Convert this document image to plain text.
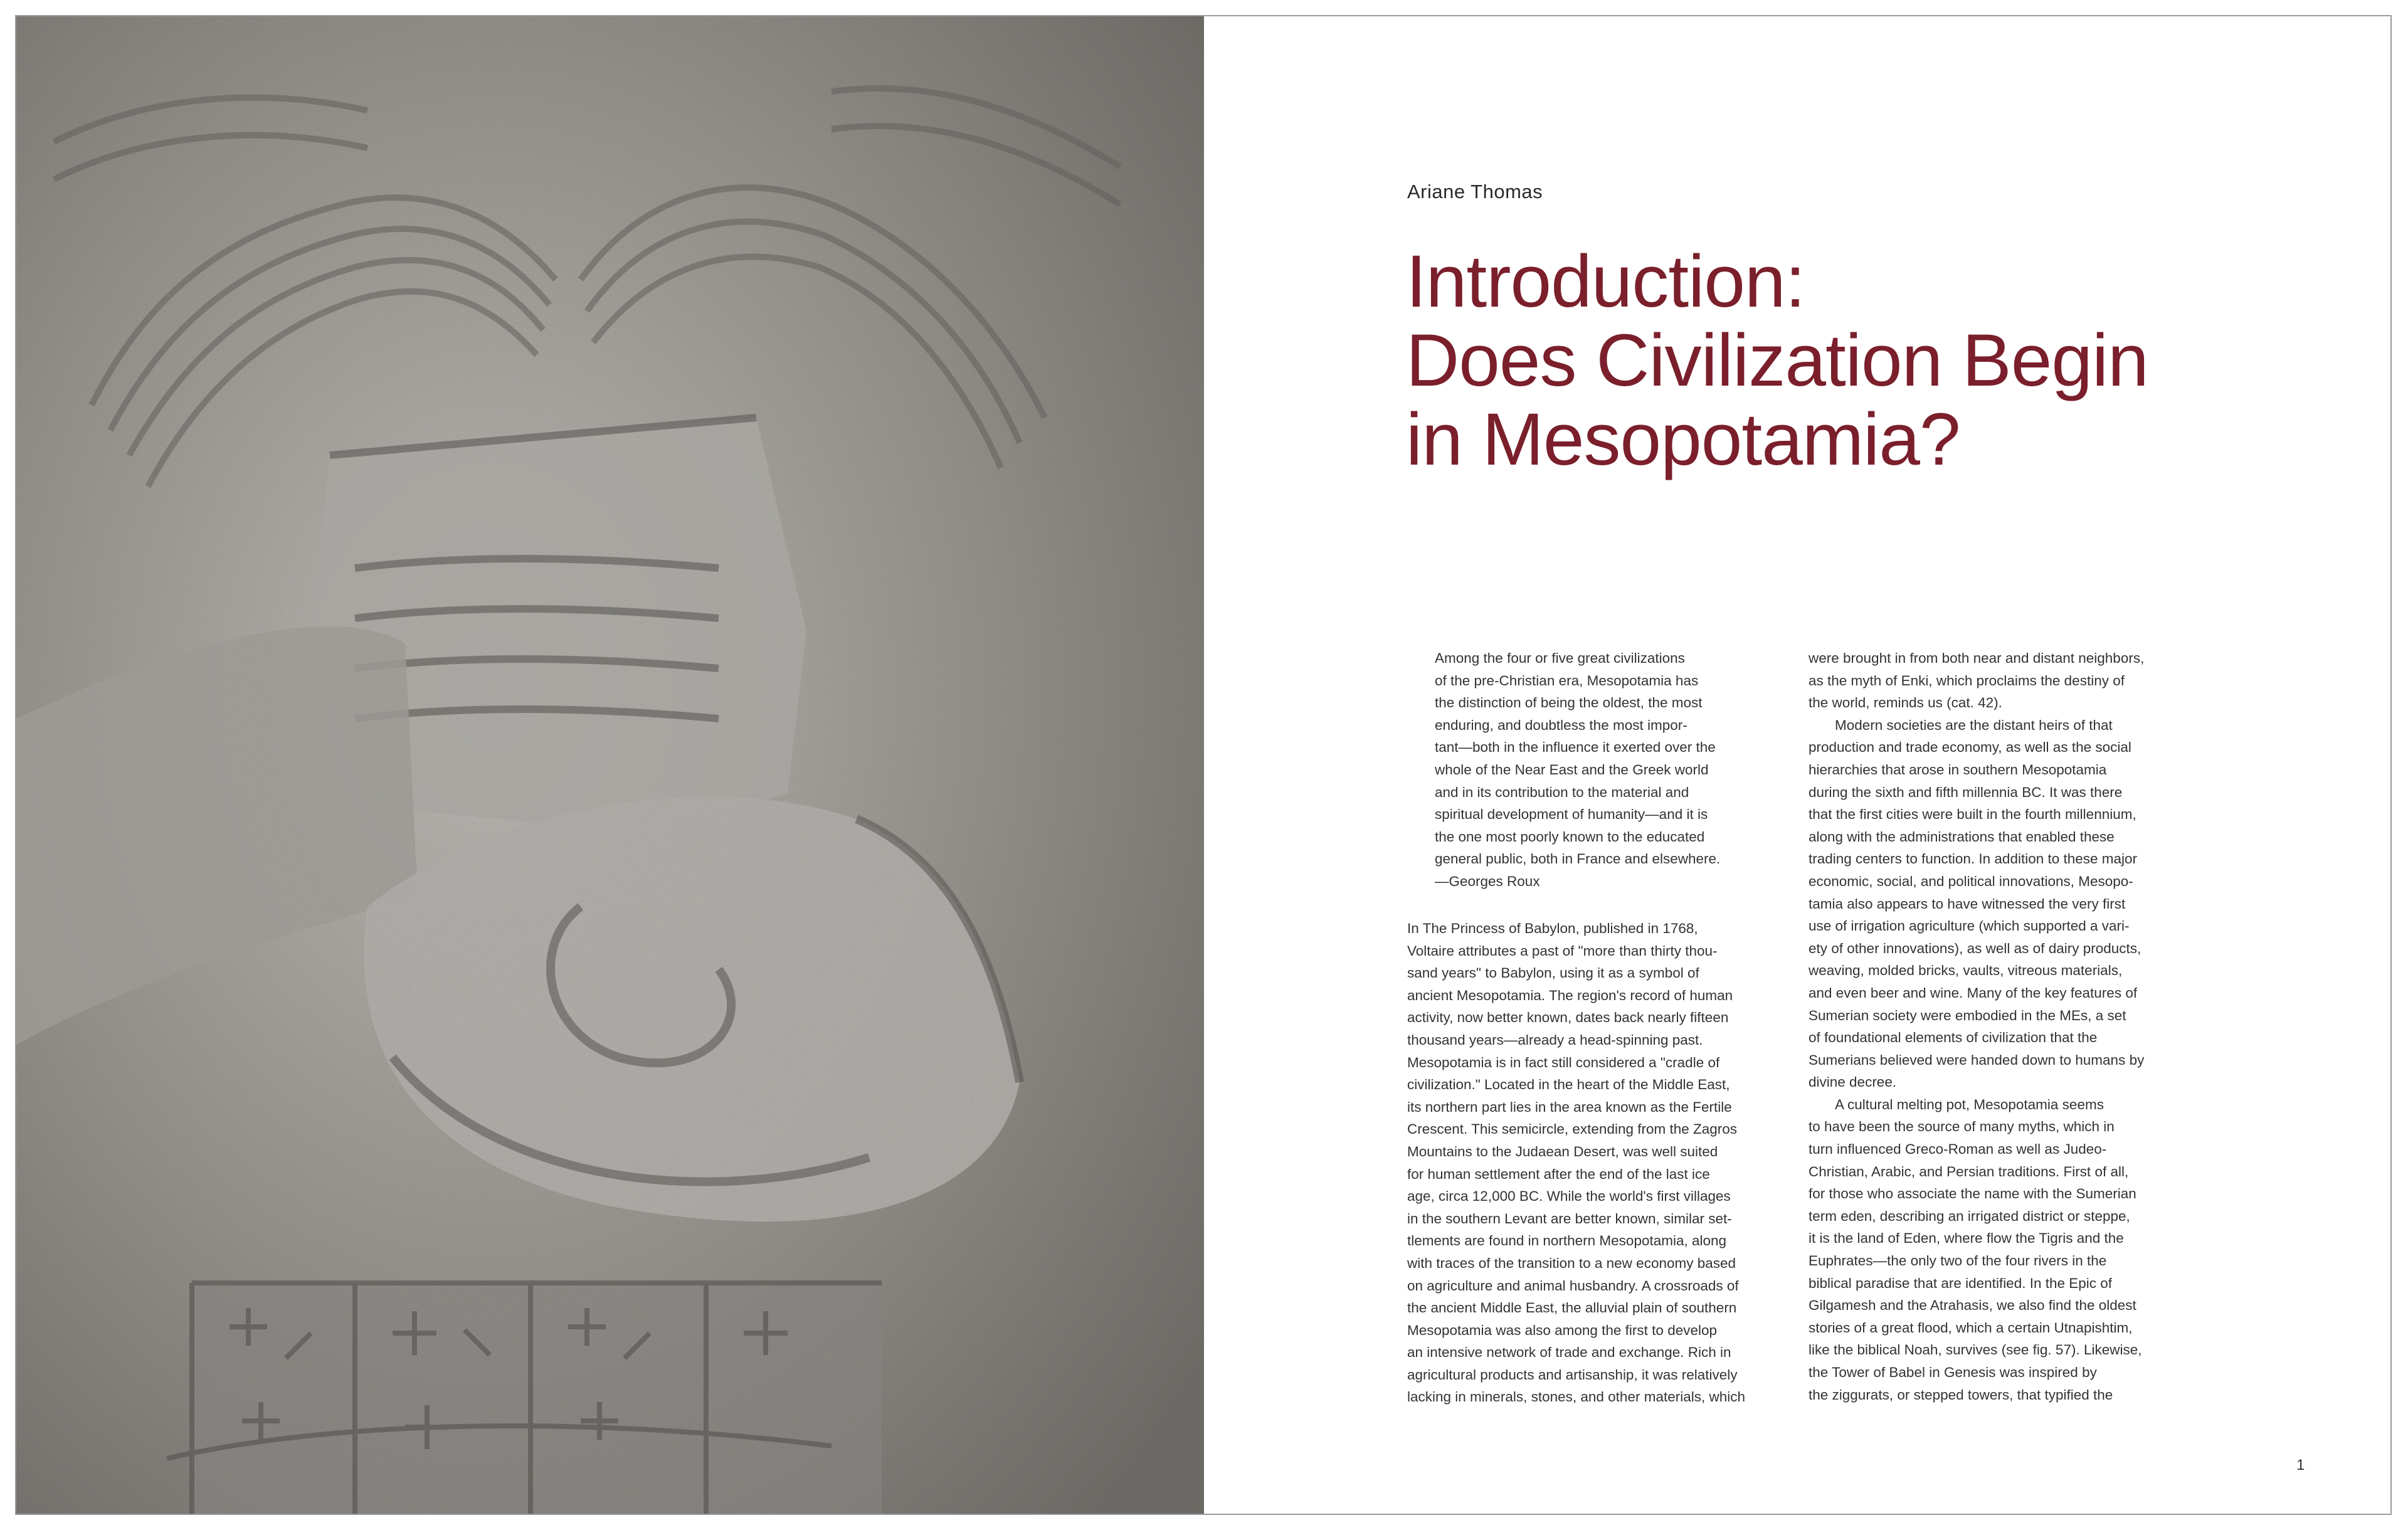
Ariane Thomas
Introduction:
Does Civilization Begin
in Mesopotamia?
Among the four or five great civilizations
of the pre-Christian era, Mesopotamia has
the distinction of being the oldest, the most
enduring, and doubtless the most impor-
tant—both in the influence it exerted over the
whole of the Near East and the Greek world
and in its contribution to the material and
spiritual development of humanity—and it is
the one most poorly known to the educated
general public, both in France and elsewhere.
—Georges Roux
In The Princess of Babylon, published in 1768,
Voltaire attributes a past of "more than thirty thou-
sand years" to Babylon, using it as a symbol of
ancient Mesopotamia. The region's record of human
activity, now better known, dates back nearly fifteen
thousand years—already a head-spinning past.
Mesopotamia is in fact still considered a "cradle of
civilization." Located in the heart of the Middle East,
its northern part lies in the area known as the Fertile
Crescent. This semicircle, extending from the Zagros
Mountains to the Judaean Desert, was well suited
for human settlement after the end of the last ice
age, circa 12,000 BC. While the world's first villages
in the southern Levant are better known, similar set-
tlements are found in northern Mesopotamia, along
with traces of the transition to a new economy based
on agriculture and animal husbandry. A crossroads of
the ancient Middle East, the alluvial plain of southern
Mesopotamia was also among the first to develop
an intensive network of trade and exchange. Rich in
agricultural products and artisanship, it was relatively
lacking in minerals, stones, and other materials, which
were brought in from both near and distant neighbors,
as the myth of Enki, which proclaims the destiny of
the world, reminds us (cat. 42).
Modern societies are the distant heirs of that
production and trade economy, as well as the social
hierarchies that arose in southern Mesopotamia
during the sixth and fifth millennia BC. It was there
that the first cities were built in the fourth millennium,
along with the administrations that enabled these
trading centers to function. In addition to these major
economic, social, and political innovations, Mesopo-
tamia also appears to have witnessed the very first
use of irrigation agriculture (which supported a vari-
ety of other innovations), as well as of dairy products,
weaving, molded bricks, vaults, vitreous materials,
and even beer and wine. Many of the key features of
Sumerian society were embodied in the MEs, a set
of foundational elements of civilization that the
Sumerians believed were handed down to humans by
divine decree.
A cultural melting pot, Mesopotamia seems
to have been the source of many myths, which in
turn influenced Greco-Roman as well as Judeo-
Christian, Arabic, and Persian traditions. First of all,
for those who associate the name with the Sumerian
term eden, describing an irrigated district or steppe,
it is the land of Eden, where flow the Tigris and the
Euphrates—the only two of the four rivers in the
biblical paradise that are identified. In the Epic of
Gilgamesh and the Atrahasis, we also find the oldest
stories of a great flood, which a certain Utnapishtim,
like the biblical Noah, survives (see fig. 57). Likewise,
the Tower of Babel in Genesis was inspired by
the ziggurats, or stepped towers, that typified the
1
